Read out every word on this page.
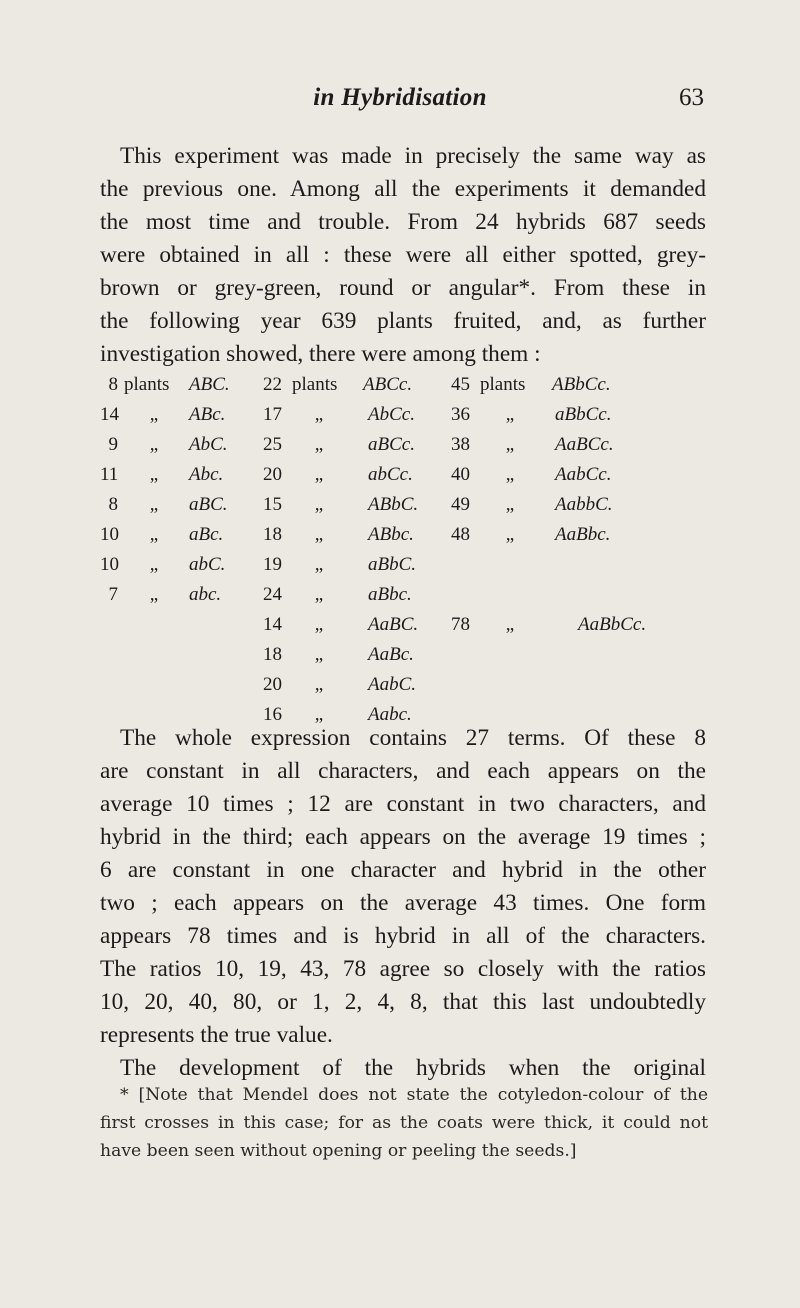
in Hybridisation	63
This experiment was made in precisely the same way as
the previous one. Among all the experiments it demanded
the most time and trouble. From 24 hybrids 687 seeds
were obtained in all : these were all either spotted, grey-
brown or grey-green, round or angular*. From these in
the following year 639 plants fruited, and, as further
investigation showed, there were among them :
8 plants ABC. 22 plants ABCc. 45 plants ABbCc.
14	„	ABc. 17	„	AbCc. 36	„	aBbCc.
9	„	AbC. 25	„	aBCc. 38	„	AaBCc.
11	„	Abc. 20	„	abCc. 40	„	AabCc.
8	„	aBC. 15	„	ABbC. 49	„	AabbC.
10	„	aBc. 18	„	ABbc. 48	„	AaBbc.
10	„	abC. 19	„	aBbC.
7	„	abc. 24	„	aBbc.
14	„	AaBC. 78	„	AaBbCc.
18	„	AaBc.
20	„	AabC.
16	„	Aabc.
The whole expression contains 27 terms. Of these 8
are constant in all characters, and each appears on the
average 10 times ; 12 are constant in two characters, and
hybrid in the third; each appears on the average 19 times ;
6 are constant in one character and hybrid in the other
two ; each appears on the average 43 times. One form
appears 78 times and is hybrid in all of the characters.
The ratios 10, 19, 43, 78 agree so closely with the ratios
10, 20, 40, 80, or 1, 2, 4, 8, that this last undoubtedly
represents the true value.
The development of the hybrids when the original
* [Note that Mendel does not state the cotyledon-colour of the
first crosses in this case; for as the coats were thick, it could not
have been seen without opening or peeling the seeds.]
